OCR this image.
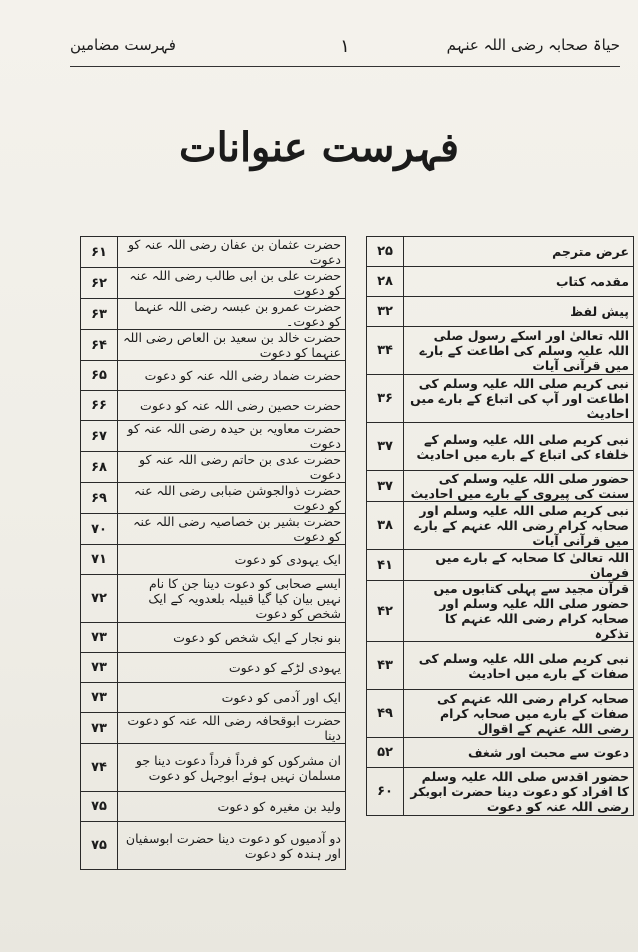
حیاۃ صحابہ رضی اللہ عنہم
۱
فہرست مضامین
فہرست عنوانات
عرض مترجم	۲۵
مقدمہ کتاب	۲۸
پیش لفظ	۳۲
اللہ تعالیٰ اور اسکے رسول صلی اللہ علیہ وسلم کی اطاعت کے بارے میں قرآنی آیات	۳۴
نبی کریم صلی اللہ علیہ وسلم کی اطاعت اور آپ کی اتباع کے بارے میں احادیث	۳۶
نبی کریم صلی اللہ علیہ وسلم کے خلفاء کی اتباع کے بارے میں احادیث	۳۷
حضور صلی اللہ علیہ وسلم کی سنت کی پیروی کے بارے میں احادیث	۳۷
نبی کریم صلی اللہ علیہ وسلم اور صحابہ کرام رضی اللہ عنہم کے بارے میں قرآنی آیات	۳۸
اللہ تعالیٰ کا صحابہ کے بارے میں فرمان	۴۱
قرآن مجید سے پہلی کتابوں میں حضور صلی اللہ علیہ وسلم اور صحابہ کرام رضی اللہ عنہم کا تذکرہ	۴۲
نبی کریم صلی اللہ علیہ وسلم کی صفات کے بارے میں احادیث	۴۳
صحابہ کرام رضی اللہ عنہم کی صفات کے بارے میں صحابہ کرام رضی اللہ عنہم کے اقوال	۴۹
دعوت سے محبت اور شغف	۵۲
حضور اقدس صلی اللہ علیہ وسلم کا افراد کو دعوت دینا حضرت ابوبکر رضی اللہ عنہ کو دعوت	۶۰
حضرت عثمان بن عفان رضی اللہ عنہ کو دعوت	۶۱
حضرت علی بن ابی طالب رضی اللہ عنہ کو دعوت	۶۲
حضرت عمرو بن عبسہ رضی اللہ عنہما کو دعوت۔	۶۳
حضرت خالد بن سعید بن العاص رضی اللہ عنہما کو دعوت	۶۴
حضرت ضماد رضی اللہ عنہ کو دعوت	۶۵
حضرت حصین رضی اللہ عنہ کو دعوت	۶۶
حضرت معاویہ بن حیدہ رضی اللہ عنہ کو دعوت	۶۷
حضرت عدی بن حاتم رضی اللہ عنہ کو دعوت	۶۸
حضرت ذوالجوشن ضبابی رضی اللہ عنہ کو دعوت	۶۹
حضرت بشیر بن خصاصیہ رضی اللہ عنہ کو دعوت	۷۰
ایک یہودی کو دعوت	۷۱
ایسے صحابی کو دعوت دینا جن کا نام نہیں بیان کیا گیا قبیلہ بلعدویہ کے ایک شخص کو دعوت	۷۲
بنو نجار کے ایک شخص کو دعوت	۷۳
یہودی لڑکے کو دعوت	۷۳
ایک اور آدمی کو دعوت	۷۳
حضرت ابوقحافہ رضی اللہ عنہ کو دعوت دینا	۷۳
ان مشرکوں کو فرداً فرداً دعوت دینا جو مسلمان نہیں ہوئے ابوجہل کو دعوت	۷۴
ولید بن مغیرہ کو دعوت	۷۵
دو آدمیوں کو دعوت دینا حضرت ابوسفیان اور ہندہ کو دعوت	۷۵
